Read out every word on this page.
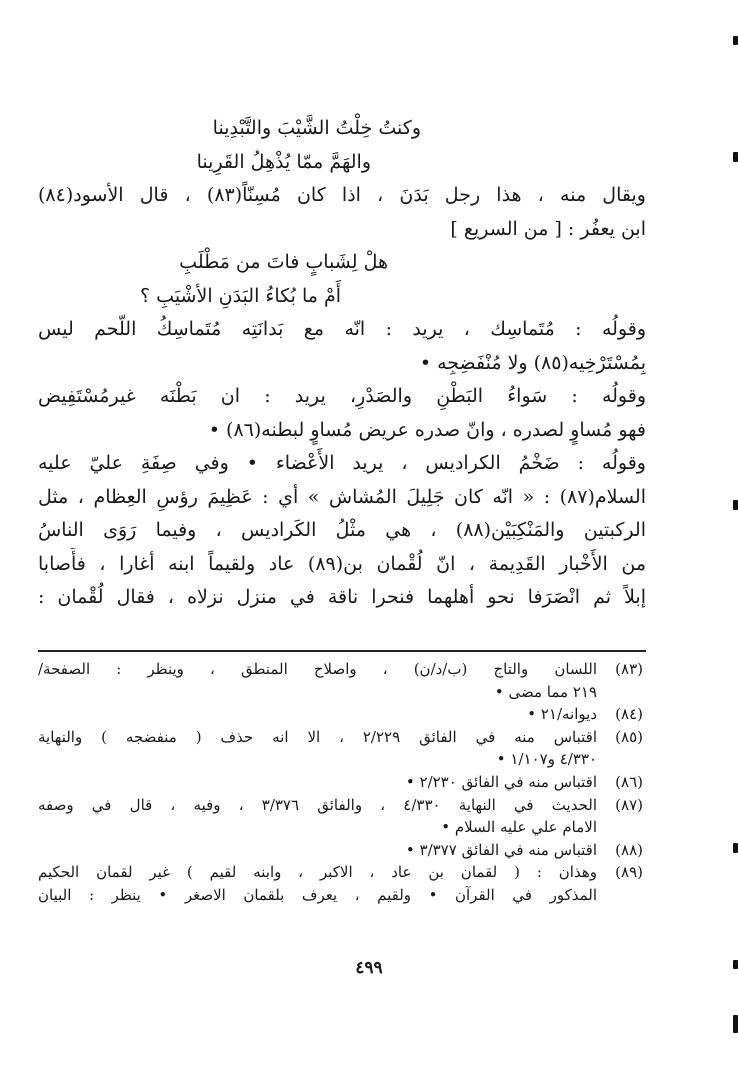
وكنتُ خِلْتُ الشَّيْبَ والتَّبْدِينا
والهَمَّ ممّا يُذْهِلُ القَرِينا
ويقال منه ، هذا رجل بَدَنَ ، اذا كان مُسِنّاً(٨٣) ، قال الأسود(٨٤)
ابن يعفُر : [ من السريع ]
هلْ لِشَبابٍ فاتَ من مَطْلَبِ
أَمْ ما بُكاءُ البَدَنِ الأشْيَبِ ؟
وقولُه : مُتَماسِك ، يريد : انّه مع بَدانَتِه مُتَماسِكُ اللّحم ليس
بِمُسْتَرْخِيه(٨٥) ولا مُنْفَضِجِه •
وقولُه : سَواءُ البَطْنِ والصَدْرِ، يريد : ان بَطْنَه غيرمُسْتَفِيض
فهو مُساوٍ لصدره ، وانّ صدره عريض مُساوٍ لبطنه(٨٦) •
وقولُه : ضَخْمُ الكراديس ، يريد الأَعْضاء • وفي صِفَةِ عليّ عليه
السلام(٨٧) : « انّه كان جَلِيلَ المُشاش » أي : عَظِيمَ رؤسِ العِظام ، مثل
الركبتين والمَنْكِبَيْن(٨٨) ، هي مثْلُ الكَراديس ، وفيما رَوَى الناسُ
من الأَخْبار القَدِيمة ، انّ لُقْمان بن(٨٩) عاد ولقيماً ابنه أغارا ، فأَصابا
إبلاً ثم انْصَرَفا نحو أهلهما فنحرا ناقة في منزل نزلاه ، فقال لُقْمان :
(٨٣)
اللسان والتاج (ب/د/ن) ، واصلاح المنطق ، وينظر : الصفحة/
٢١٩ مما مضى •
(٨٤)
ديوانه/٢١ •
(٨٥)
اقتباس منه في الفائق ٢/٢٢٩ ، الا انه حذف ( منفضجه ) والنهاية
٤/٣٣٠ و١/١٠٧ •
(٨٦)
اقتباس منه في الفائق ٢/٢٣٠ •
(٨٧)
الحديث في النهاية ٤/٣٣٠ ، والفائق ٣/٣٧٦ ، وفيه ، قال في وصفه
الامام علي عليه السلام •
(٨٨)
اقتباس منه في الفائق ٣/٣٧٧ •
(٨٩)
وهذان : ( لقمان بن عاد ، الاكبر ، وابنه لقيم ) غير لقمان الحكيم
المذكور في القرآن • ولقيم ، يعرف بلقمان الاصغر • ينظر : البيان
٤٩٩
